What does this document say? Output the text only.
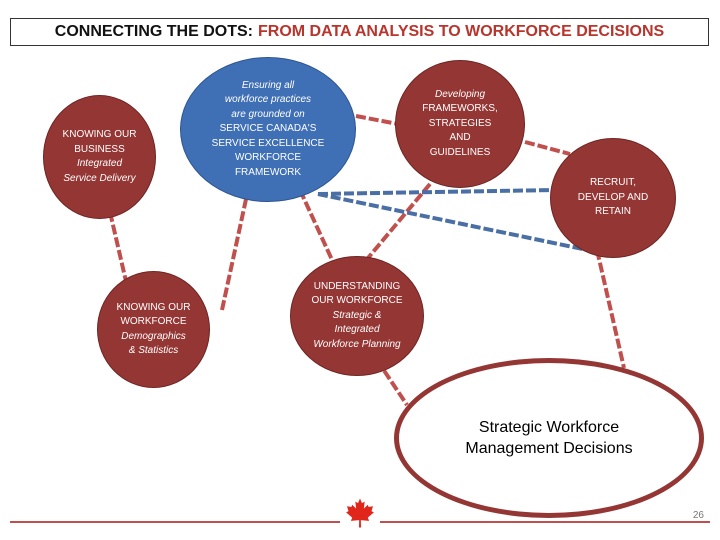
CONNECTING THE DOTS: FROM DATA ANALYSIS TO WORKFORCE DECISIONS
KNOWING OUR
BUSINESS
Integrated
Service Delivery
Ensuring all
workforce practices
are grounded on
SERVICE CANADA'S
SERVICE EXCELLENCE
WORKFORCE
FRAMEWORK
Developing
FRAMEWORKS,
STRATEGIES
AND
GUIDELINES
RECRUIT,
DEVELOP AND
RETAIN
KNOWING OUR
WORKFORCE
Demographics
& Statistics
UNDERSTANDING
OUR WORKFORCE
Strategic &
Integrated
Workforce Planning
Strategic Workforce
Management Decisions
26
